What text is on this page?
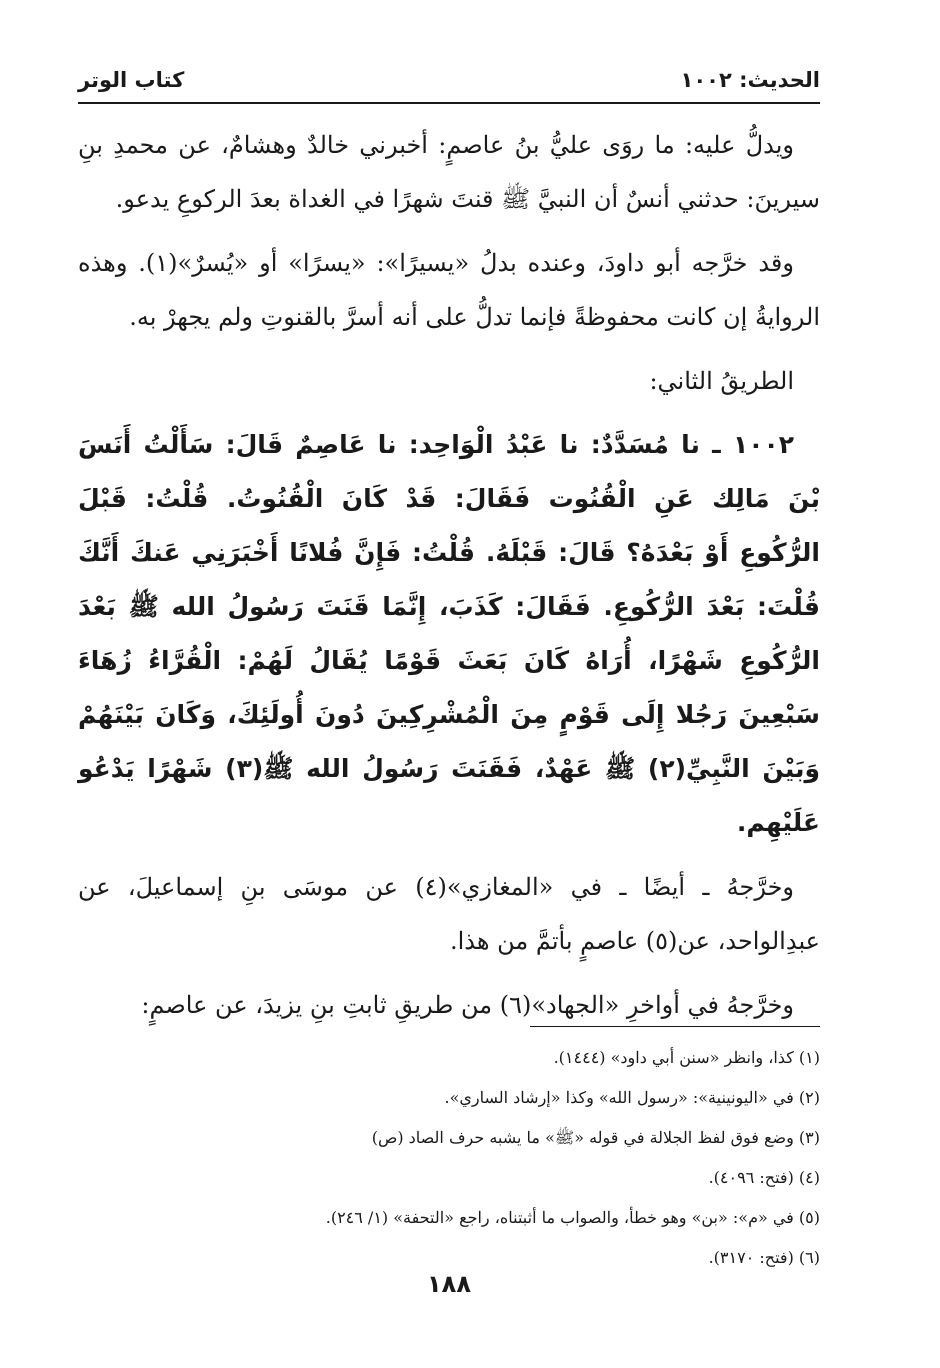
الحديث: ١٠٠٢
كتاب الوتر

ويدلُّ عليه: ما روَى عليُّ بنُ عاصمٍ: أخبرني خالدٌ وهشامٌ، عن محمدِ بنِ سيرينَ: حدثني أنسٌ أن النبيَّ ﷺ قنتَ شهرًا في الغداة بعدَ الركوعِ يدعو.

وقد خرَّجه أبو داودَ، وعنده بدلُ «يسيرًا»: «يسرًا» أو «يُسرٌ»(١). وهذه الروايةُ إن كانت محفوظةً فإنما تدلُّ على أنه أسرَّ بالقنوتِ ولم يجهرْ به.

الطريقُ الثاني:

١٠٠٢ ـ نا مُسَدَّدٌ: نا عَبْدُ الْوَاحِد: نا عَاصِمٌ قَالَ: سَأَلْتُ أَنَسَ بْنَ مَالِك عَنِ الْقُنُوت فَقَالَ: قَدْ كَانَ الْقُنُوتُ. قُلْتُ: قَبْلَ الرُّكُوعِ أَوْ بَعْدَهُ؟ قَالَ: قَبْلَهُ. قُلْتُ: فَإِنَّ فُلانًا أَخْبَرَنِي عَنكَ أَنَّكَ قُلْتَ: بَعْدَ الرُّكُوعِ. فَقَالَ: كَذَبَ، إِنَّمَا قَنَتَ رَسُولُ الله ﷺ بَعْدَ الرُّكُوعِ شَهْرًا، أُرَاهُ كَانَ بَعَثَ قَوْمًا يُقَالُ لَهُمْ: الْقُرَّاءُ زُهَاءَ سَبْعِينَ رَجُلا إِلَى قَوْمٍ مِنَ الْمُشْرِكِينَ دُونَ أُولَئِكَ، وَكَانَ بَيْنَهُمْ وَبَيْنَ النَّبِيِّ(٢) ﷺ عَهْدٌ، فَقَنَتَ رَسُولُ الله ﷺ(٣) شَهْرًا يَدْعُو عَلَيْهِم.

وخرَّجهُ ـ أيضًا ـ في «المغازي»(٤) عن موسَى بنِ إسماعيلَ، عن عبدِالواحد، عن(٥) عاصمٍ بأتمَّ من هذا.

وخرَّجهُ في أواخرِ «الجهاد»(٦) من طريقِ ثابتِ بنِ يزيدَ، عن عاصمٍ:

(١) كذا، وانظر «سنن أبي داود» (١٤٤٤).
(٢) في «اليونينية»: «رسول الله» وكذا «إرشاد الساري».
(٣) وضع فوق لفظ الجلالة في قوله «ﷺ» ما يشبه حرف الصاد (ص)
(٤) (فتح: ٤٠٩٦).
(٥) في «م»: «بن» وهو خطأ، والصواب ما أثبتناه، راجع «التحفة» (١/ ٢٤٦).
(٦) (فتح: ٣١٧٠).
١٨٨
